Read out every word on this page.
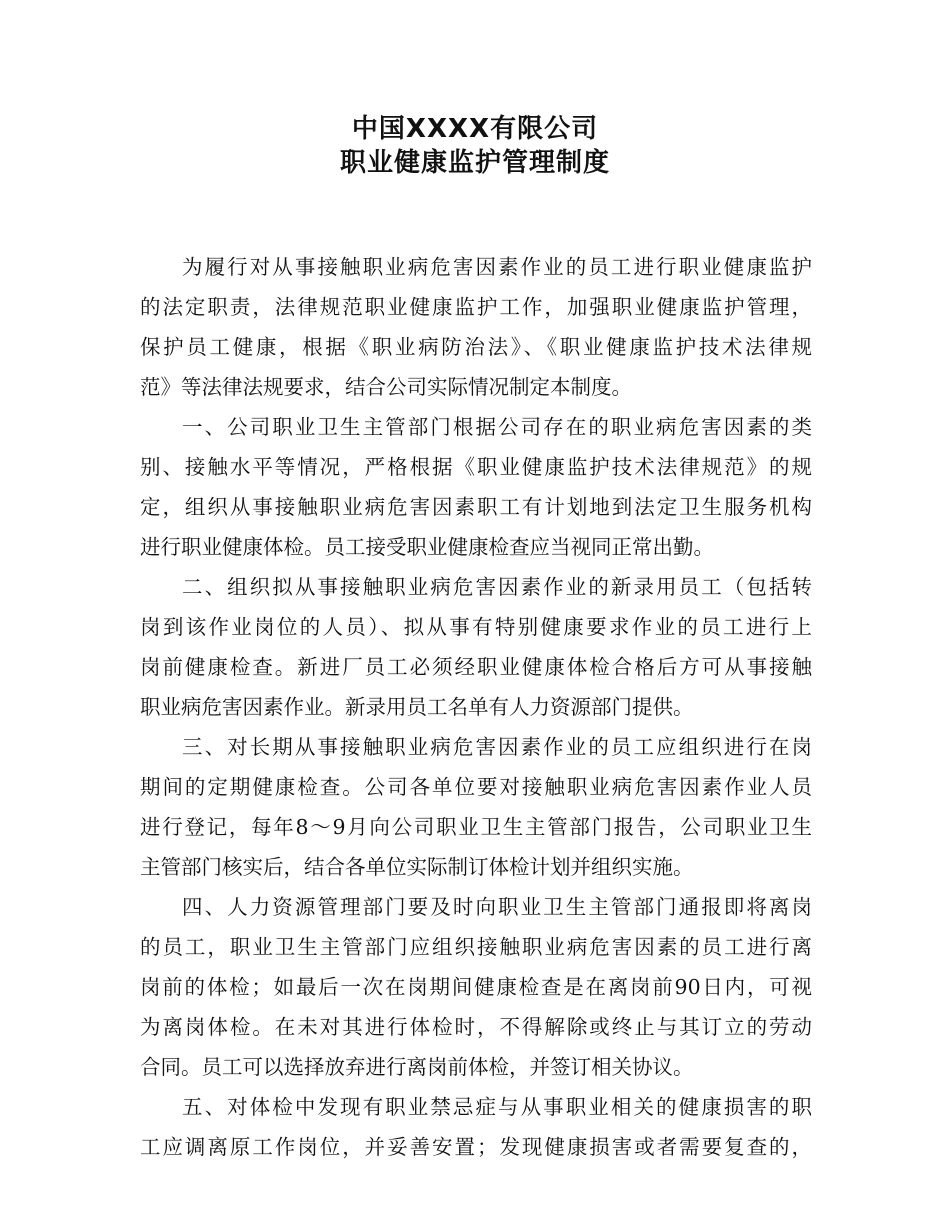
中国XXXX有限公司
职业健康监护管理制度
为履行对从事接触职业病危害因素作业的员工进行职业健康监护
的法定职责，法律规范职业健康监护工作，加强职业健康监护管理，
保护员工健康，根据《职业病防治法》、《职业健康监护技术法律规
范》等法律法规要求，结合公司实际情况制定本制度。
一、公司职业卫生主管部门根据公司存在的职业病危害因素的类
别、接触水平等情况，严格根据《职业健康监护技术法律规范》的规
定，组织从事接触职业病危害因素职工有计划地到法定卫生服务机构
进行职业健康体检。员工接受职业健康检查应当视同正常出勤。
二、组织拟从事接触职业病危害因素作业的新录用员工（包括转
岗到该作业岗位的人员）、拟从事有特别健康要求作业的员工进行上
岗前健康检查。新进厂员工必须经职业健康体检合格后方可从事接触
职业病危害因素作业。新录用员工名单有人力资源部门提供。
三、对长期从事接触职业病危害因素作业的员工应组织进行在岗
期间的定期健康检查。公司各单位要对接触职业病危害因素作业人员
进行登记，每年8～9月向公司职业卫生主管部门报告，公司职业卫生
主管部门核实后，结合各单位实际制订体检计划并组织实施。
四、人力资源管理部门要及时向职业卫生主管部门通报即将离岗
的员工，职业卫生主管部门应组织接触职业病危害因素的员工进行离
岗前的体检；如最后一次在岗期间健康检查是在离岗前90日内，可视
为离岗体检。在未对其进行体检时，不得解除或终止与其订立的劳动
合同。员工可以选择放弃进行离岗前体检，并签订相关协议。
五、对体检中发现有职业禁忌症与从事职业相关的健康损害的职
工应调离原工作岗位，并妥善安置；发现健康损害或者需要复查的，
